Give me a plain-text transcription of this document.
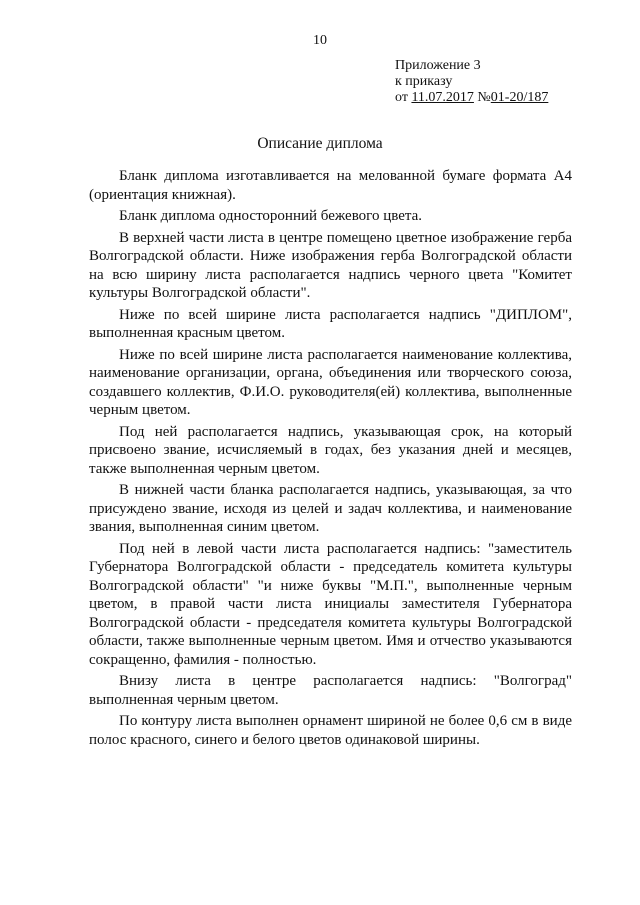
10
Приложение 3
к приказу
от 11.07.2017 №01-20/187
Описание диплома

Бланк диплома изготавливается на мелованной бумаге формата А4 (ориентация книжная).

Бланк диплома односторонний бежевого цвета.

В верхней части листа в центре помещено цветное изображение герба Волгоградской области. Ниже изображения герба Волгоградской области на всю ширину листа располагается надпись черного цвета "Комитет культуры Волгоградской области".

Ниже по всей ширине листа располагается надпись "ДИПЛОМ", выполненная красным цветом.

Ниже по всей ширине листа располагается наименование коллектива, наименование организации, органа, объединения или творческого союза, создавшего коллектив, Ф.И.О. руководителя(ей) коллектива, выполненные черным цветом.

Под ней располагается надпись, указывающая срок, на который присвоено звание, исчисляемый в годах, без указания дней и месяцев, также выполненная черным цветом.

В нижней части бланка располагается надпись, указывающая, за что присуждено звание, исходя из целей и задач коллектива, и наименование звания, выполненная синим цветом.

Под ней в левой части листа располагается надпись: "заместитель Губернатора Волгоградской области - председатель комитета культуры Волгоградской области" "и ниже буквы "М.П.", выполненные черным цветом, в правой части листа инициалы заместителя Губернатора Волгоградской области - председателя комитета культуры Волгоградской области, также выполненные черным цветом. Имя и отчество указываются сокращенно, фамилия - полностью.

Внизу листа в центре располагается надпись: "Волгоград" выполненная черным цветом.

По контуру листа выполнен орнамент шириной не более 0,6 см в виде полос красного, синего и белого цветов одинаковой ширины.
